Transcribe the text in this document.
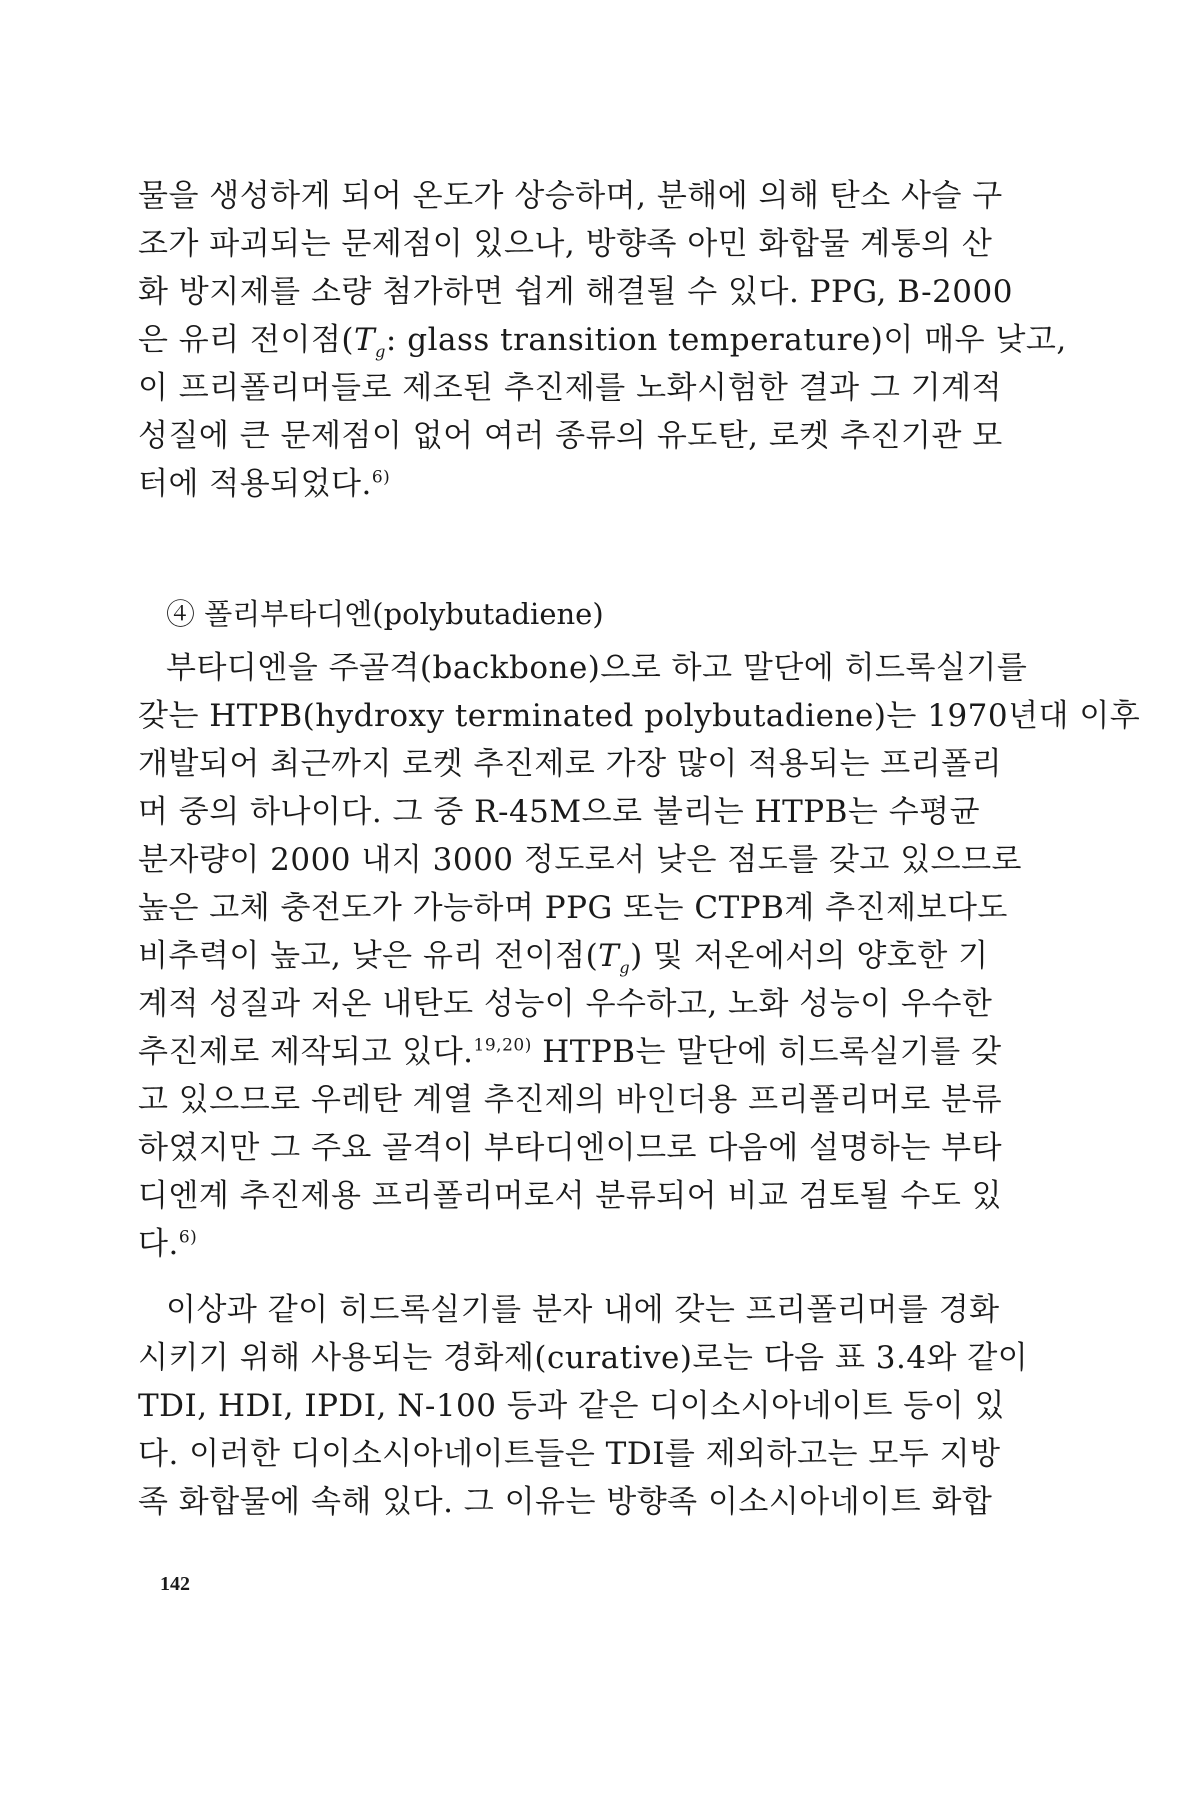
물을 생성하게 되어 온도가 상승하며, 분해에 의해 탄소 사슬 구
조가 파괴되는 문제점이 있으나, 방향족 아민 화합물 계통의 산
화 방지제를 소량 첨가하면 쉽게 해결될 수 있다. PPG, B-2000
은 유리 전이점($T_g$: glass transition temperature)이 매우 낮고,
이 프리폴리머들로 제조된 추진제를 노화시험한 결과 그 기계적
성질에 큰 문제점이 없어 여러 종류의 유도탄, 로켓 추진기관 모
터에 적용되었다.$^{6)}$
④ 폴리부타디엔(polybutadiene)
부타디엔을 주골격(backbone)으로 하고 말단에 히드록실기를
갖는 HTPB(hydroxy terminated polybutadiene)는 1970년대 이후
개발되어 최근까지 로켓 추진제로 가장 많이 적용되는 프리폴리
머 중의 하나이다. 그 중 R-45M으로 불리는 HTPB는 수평균
분자량이 2000 내지 3000 정도로서 낮은 점도를 갖고 있으므로
높은 고체 충전도가 가능하며 PPG 또는 CTPB계 추진제보다도
비추력이 높고, 낮은 유리 전이점$(T_g)$ 및 저온에서의 양호한 기
계적 성질과 저온 내탄도 성능이 우수하고, 노화 성능이 우수한
추진제로 제작되고 있다.$^{19,20)}$ HTPB는 말단에 히드록실기를 갖
고 있으므로 우레탄 계열 추진제의 바인더용 프리폴리머로 분류
하였지만 그 주요 골격이 부타디엔이므로 다음에 설명하는 부타
디엔계 추진제용 프리폴리머로서 분류되어 비교 검토될 수도 있
다.$^{6)}$
이상과 같이 히드록실기를 분자 내에 갖는 프리폴리머를 경화
시키기 위해 사용되는 경화제(curative)로는 다음 표 3.4와 같이
TDI, HDI, IPDI, N-100 등과 같은 디이소시아네이트 등이 있
다. 이러한 디이소시아네이트들은 TDI를 제외하고는 모두 지방
족 화합물에 속해 있다. 그 이유는 방향족 이소시아네이트 화합
142
